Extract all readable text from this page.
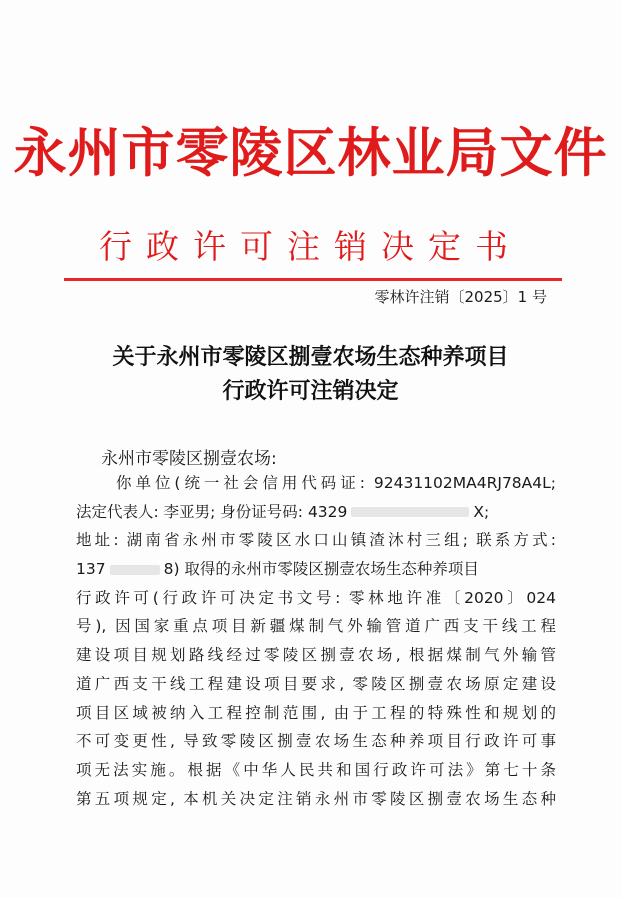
永州市零陵区林业局文件
行政许可注销决定书
零林许注销〔2025〕1 号
关于永州市零陵区捌壹农场生态种养项目
行政许可注销决定
永州市零陵区捌壹农场:
你单位(统一社会信用代码证: 92431102MA4RJ78A4L;
法定代表人: 李亚男; 身份证号码: 4329	X;
地址: 湖南省永州市零陵区水口山镇渣沐村三组; 联系方式:
137	8) 取得的永州市零陵区捌壹农场生态种养项目
行政许可(行政许可决定书文号: 零林地许准〔2020〕024
号), 因国家重点项目新疆煤制气外输管道广西支干线工程
建设项目规划路线经过零陵区捌壹农场, 根据煤制气外输管
道广西支干线工程建设项目要求, 零陵区捌壹农场原定建设
项目区域被纳入工程控制范围, 由于工程的特殊性和规划的
不可变更性, 导致零陵区捌壹农场生态种养项目行政许可事
项无法实施。根据《中华人民共和国行政许可法》第七十条
第五项规定, 本机关决定注销永州市零陵区捌壹农场生态种
